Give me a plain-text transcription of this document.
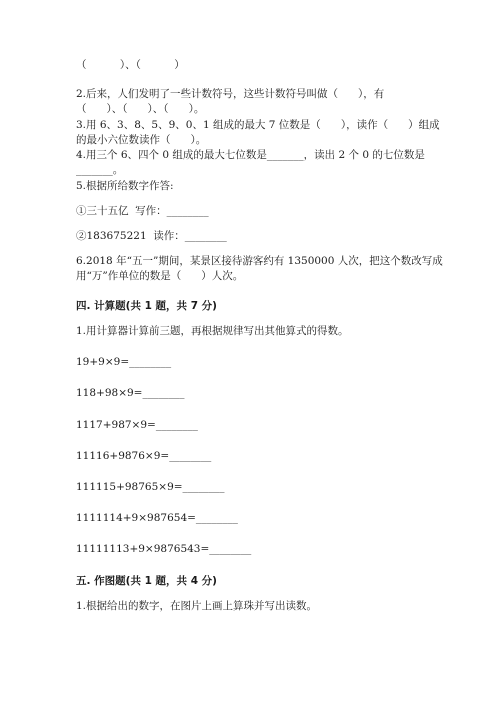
（          ）、（          ）
2.后来，人们发明了一些计数符号，这些计数符号叫做（      ），有
（      ）、（      ）、（      ）。
3.用 6、3、8、5、9、0、1 组成的最大 7 位数是（      ），读作（      ）组成
的最小六位数读作（      ）。
4.用三个 6、四个 0 组成的最大七位数是_______，读出 2 个 0 的七位数是
_______。
5.根据所给数字作答:
①三十五亿  写作：________
②183675221  读作：________
6.2018 年“五一”期间，某景区接待游客约有 1350000 人次，把这个数改写成
用“万”作单位的数是（      ）人次。
四. 计算题(共 1 题，共 7 分)
1.用计算器计算前三题，再根据规律写出其他算式的得数。
19+9×9=________
118+98×9=________
1117+987×9=________
11116+9876×9=________
111115+98765×9=________
1111114+9×987654=________
11111113+9×9876543=________
五. 作图题(共 1 题，共 4 分)
1.根据给出的数字，在图片上画上算珠并写出读数。
